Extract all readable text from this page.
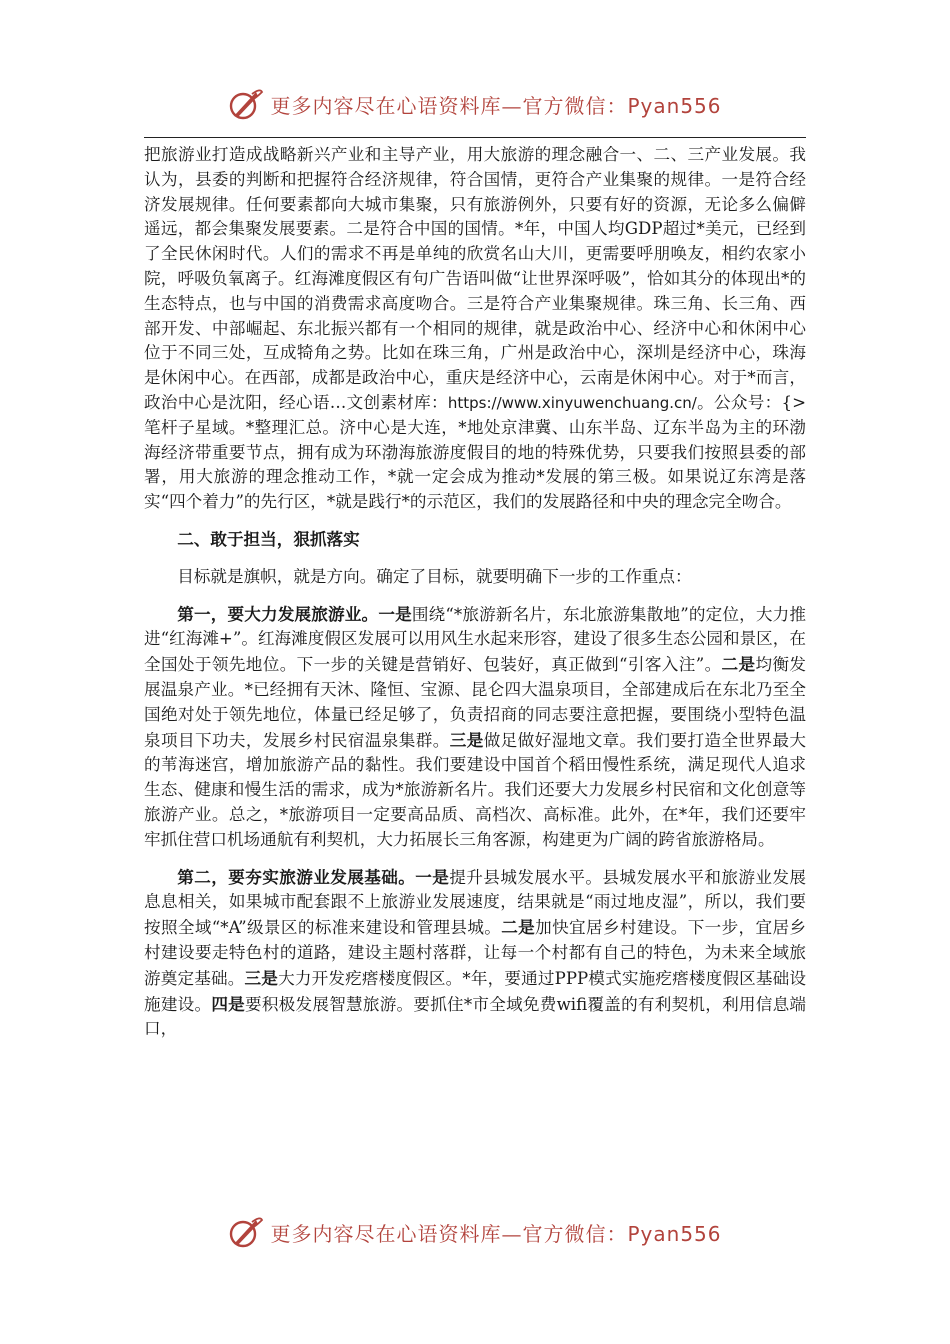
更多内容尽在心语资料库—官方微信：Pyan556

把旅游业打造成战略新兴产业和主导产业，用大旅游的理念融合一、二、三产业发展。我认为，县委的判断和把握符合经济规律，符合国情，更符合产业集聚的规律。一是符合经济发展规律。任何要素都向大城市集聚，只有旅游例外，只要有好的资源，无论多么偏僻遥远，都会集聚发展要素。二是符合中国的国情。*年，中国人均GDP超过*美元，已经到了全民休闲时代。人们的需求不再是单纯的欣赏名山大川，更需要呼朋唤友，相约农家小院，呼吸负氧离子。红海滩度假区有句广告语叫做“让世界深呼吸”，恰如其分的体现出*的生态特点，也与中国的消费需求高度吻合。三是符合产业集聚规律。珠三角、长三角、西部开发、中部崛起、东北振兴都有一个相同的规律，就是政治中心、经济中心和休闲中心位于不同三处，互成犄角之势。比如在珠三角，广州是政治中心，深圳是经济中心，珠海是休闲中心。在西部，成都是政治中心，重庆是经济中心，云南是休闲中心。对于*而言，政治中心是沈阳，经心语…文创素材库：https://www.xinyuwenchuang.cn/。公众号：{>笔杆子星域。*整理汇总。济中心是大连，*地处京津冀、山东半岛、辽东半岛为主的环渤海经济带重要节点，拥有成为环渤海旅游度假目的地的特殊优势，只要我们按照县委的部署，用大旅游的理念推动工作，*就一定会成为推动*发展的第三极。如果说辽东湾是落实“四个着力”的先行区，*就是践行*的示范区，我们的发展路径和中央的理念完全吻合。

二、敢于担当，狠抓落实

目标就是旗帜，就是方向。确定了目标，就要明确下一步的工作重点：

第一，要大力发展旅游业。一是围绕“*旅游新名片，东北旅游集散地”的定位，大力推进“红海滩+”。红海滩度假区发展可以用风生水起来形容，建设了很多生态公园和景区，在全国处于领先地位。下一步的关键是营销好、包装好，真正做到“引客入注”。二是均衡发展温泉产业。*已经拥有天沐、隆恒、宝源、昆仑四大温泉项目，全部建成后在东北乃至全国绝对处于领先地位，体量已经足够了，负责招商的同志要注意把握，要围绕小型特色温泉项目下功夫，发展乡村民宿温泉集群。三是做足做好湿地文章。我们要打造全世界最大的苇海迷宫，增加旅游产品的黏性。我们要建设中国首个稻田慢性系统，满足现代人追求生态、健康和慢生活的需求，成为*旅游新名片。我们还要大力发展乡村民宿和文化创意等旅游产业。总之，*旅游项目一定要高品质、高档次、高标准。此外，在*年，我们还要牢牢抓住营口机场通航有利契机，大力拓展长三角客源，构建更为广阔的跨省旅游格局。

第二，要夯实旅游业发展基础。一是提升县城发展水平。县城发展水平和旅游业发展息息相关，如果城市配套跟不上旅游业发展速度，结果就是“雨过地皮湿”，所以，我们要按照全域“*A”级景区的标准来建设和管理县城。二是加快宜居乡村建设。下一步，宜居乡村建设要走特色村的道路，建设主题村落群，让每一个村都有自己的特色，为未来全域旅游奠定基础。三是大力开发疙瘩楼度假区。*年，要通过PPP模式实施疙瘩楼度假区基础设施建设。四是要积极发展智慧旅游。要抓住*市全域免费wifi覆盖的有利契机，利用信息端口，

更多内容尽在心语资料库—官方微信：Pyan556
